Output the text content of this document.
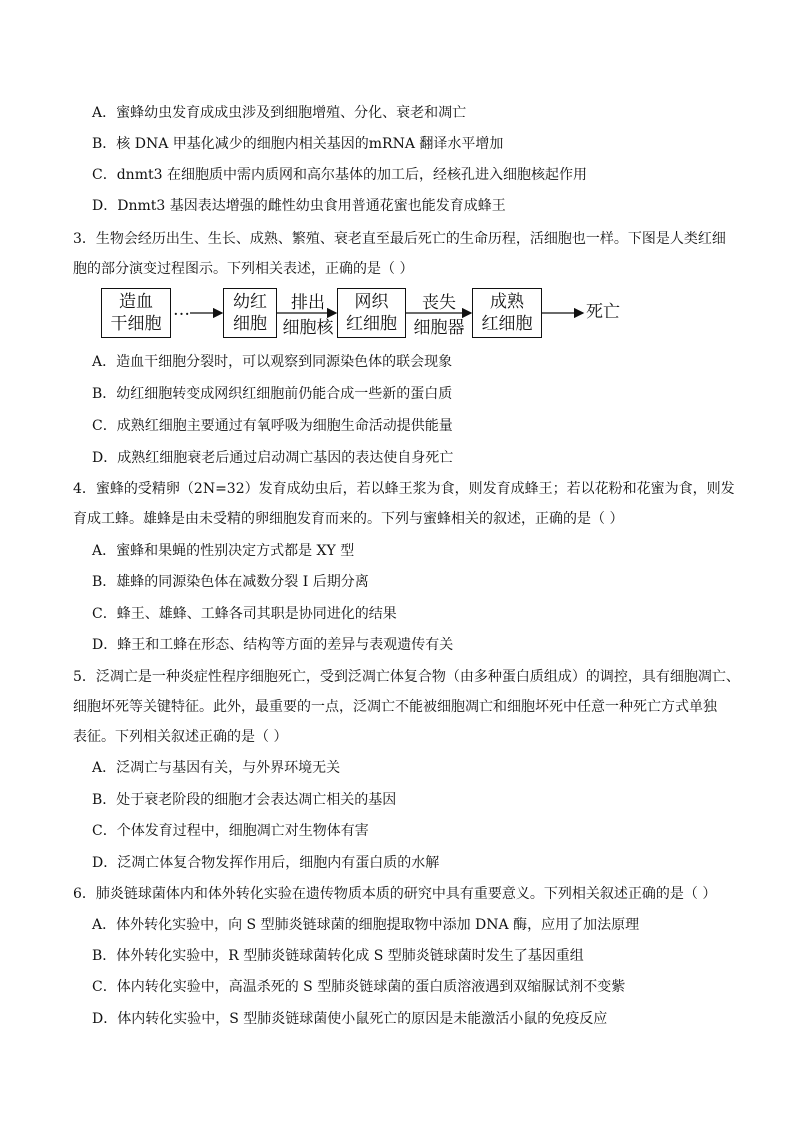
A．蜜蜂幼虫发育成成虫涉及到细胞增殖、分化、衰老和凋亡
B．核 DNA 甲基化减少的细胞内相关基因的mRNA 翻译水平增加
C．dnmt3 在细胞质中需内质网和高尔基体的加工后，经核孔进入细胞核起作用
D．Dnmt3 基因表达增强的雌性幼虫食用普通花蜜也能发育成蜂王
3．生物会经历出生、生长、成熟、繁殖、衰老直至最后死亡的生命历程，活细胞也一样。下图是人类红细
胞的部分演变过程图示。下列相关表述，正确的是（ ）
造血
干细胞
…	幼红
细胞
排出
细胞核
网织
红细胞
丧失
细胞器
成熟
红细胞
死亡
A．造血干细胞分裂时，可以观察到同源染色体的联会现象
B．幼红细胞转变成网织红细胞前仍能合成一些新的蛋白质
C．成熟红细胞主要通过有氧呼吸为细胞生命活动提供能量
D．成熟红细胞衰老后通过启动凋亡基因的表达使自身死亡
4．蜜蜂的受精卵（2N=32）发育成幼虫后，若以蜂王浆为食，则发育成蜂王；若以花粉和花蜜为食，则发
育成工蜂。雄蜂是由未受精的卵细胞发育而来的。下列与蜜蜂相关的叙述，正确的是（ ）
A．蜜蜂和果蝇的性别决定方式都是 XY 型
B．雄蜂的同源染色体在减数分裂 I 后期分离
C．蜂王、雄蜂、工蜂各司其职是协同进化的结果
D．蜂王和工蜂在形态、结构等方面的差异与表观遗传有关
5．泛凋亡是一种炎症性程序细胞死亡，受到泛凋亡体复合物（由多种蛋白质组成）的调控，具有细胞凋亡、
细胞坏死等关键特征。此外，最重要的一点，泛凋亡不能被细胞凋亡和细胞坏死中任意一种死亡方式单独
表征。下列相关叙述正确的是（ ）
A．泛凋亡与基因有关，与外界环境无关
B．处于衰老阶段的细胞才会表达凋亡相关的基因
C．个体发育过程中，细胞凋亡对生物体有害
D．泛凋亡体复合物发挥作用后，细胞内有蛋白质的水解
6．肺炎链球菌体内和体外转化实验在遗传物质本质的研究中具有重要意义。下列相关叙述正确的是（ ）
A．体外转化实验中，向 S 型肺炎链球菌的细胞提取物中添加 DNA 酶，应用了加法原理
B．体外转化实验中，R 型肺炎链球菌转化成 S 型肺炎链球菌时发生了基因重组
C．体内转化实验中，高温杀死的 S 型肺炎链球菌的蛋白质溶液遇到双缩脲试剂不变紫
D．体内转化实验中，S 型肺炎链球菌使小鼠死亡的原因是未能激活小鼠的免疫反应
